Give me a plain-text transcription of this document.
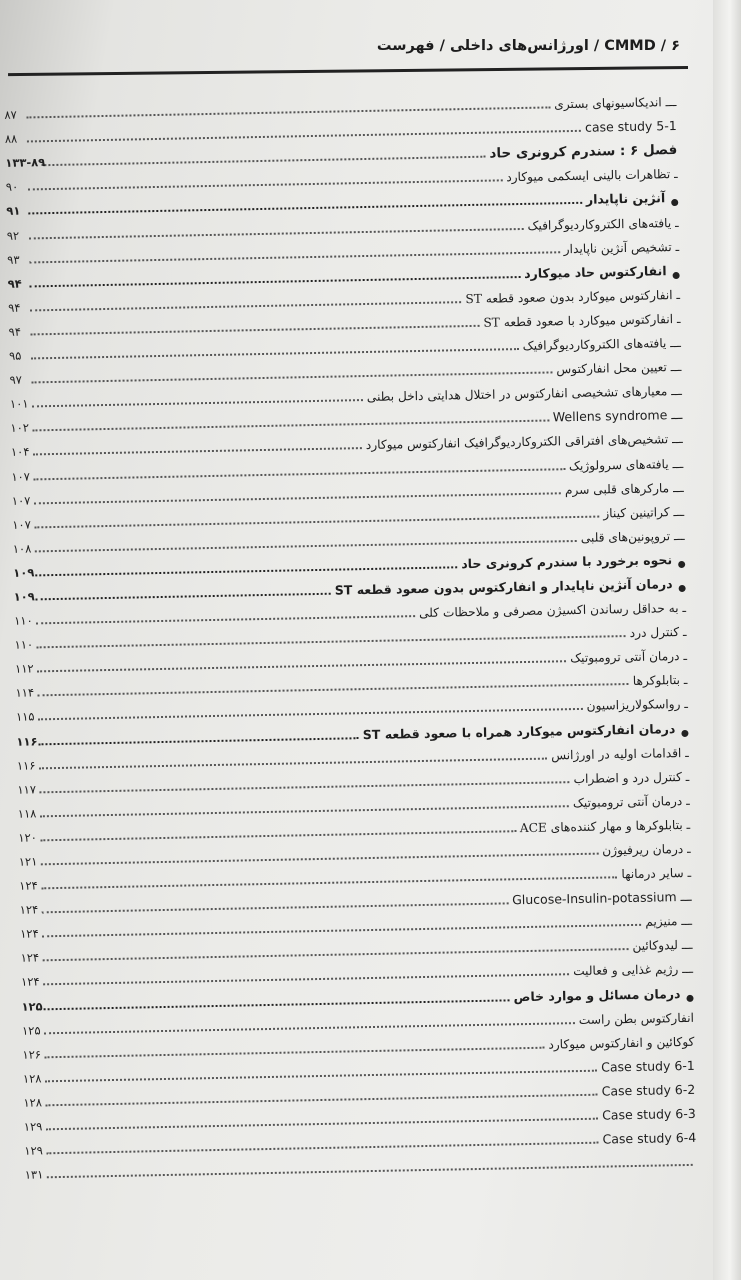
CMMD / ۶ / اورژانس‌های داخلی / فهرست
ـــ اندیکاسیونهای بستری
۸۷
case study 5-1
۸۸
فصل ۶ : سندرم کرونری حاد
۱۳۳-۸۹
ـ تظاهرات بالینی ایسکمی میوکارد
۹۰
آنژین ناپایدار
۹۱
ـ یافته‌های الکتروکاردیوگرافیک
۹۲
ـ تشخیص آنژین ناپایدار
۹۳
انفارکتوس حاد میوکارد
۹۴
ـ انفارکتوس میوکارد بدون صعود قطعه ST
۹۴
ـ انفارکتوس میوکارد با صعود قطعه ST
۹۴
ـــ یافته‌های الکتروکاردیوگرافیک
۹۵
ـــ تعیین محل انفارکتوس
۹۷
ـــ معیارهای تشخیصی انفارکتوس در اختلال هدایتی داخل بطنی
۱۰۱
ـــ Wellens syndrome
۱۰۲
ـــ تشخیص‌های افتراقی الکتروکاردیوگرافیک انفارکتوس میوکارد
۱۰۴
ـــ یافته‌های سرولوژیک
۱۰۷
ـــ مارکرهای قلبی سرم
۱۰۷
ـــ کراتینین کیناز
۱۰۷
ـــ تروپونین‌های قلبی
۱۰۸
نحوه برخورد با سندرم کرونری حاد
۱۰۹
درمان آنژین ناپایدار و انفارکتوس بدون صعود قطعه ST
۱۰۹
ـ به حداقل رساندن اکسیژن مصرفی و ملاحظات کلی
۱۱۰
ـ کنترل درد
۱۱۰
ـ درمان آنتی ترومبوتیک
۱۱۲
ـ بتابلوکرها
۱۱۴
ـ رواسکولاریزاسیون
۱۱۵
درمان انفارکتوس میوکارد همراه با صعود قطعه ST
۱۱۶
ـ اقدامات اولیه در اورژانس
۱۱۶
ـ کنترل درد و اضطراب
۱۱۷
ـ درمان آنتی ترومبوتیک
۱۱۸
ـ بتابلوکرها و مهار کننده‌های ACE
۱۲۰
ـ درمان ریرفیوژن
۱۲۱
ـ سایر درمانها
۱۲۴
ـــ Glucose-Insulin-potassium
۱۲۴
ـــ منیزیم
۱۲۴
ـــ لیدوکائین
۱۲۴
ـــ رژیم غذایی و فعالیت
۱۲۴
درمان مسائل و موارد خاص
۱۲۵
انفارکتوس بطن راست
۱۲۵
کوکائین و انفارکتوس میوکارد
۱۲۶
Case study 6-1
۱۲۸
Case study 6-2
۱۲۸
Case study 6-3
۱۲۹
Case study 6-4
۱۲۹
۱۳۱
